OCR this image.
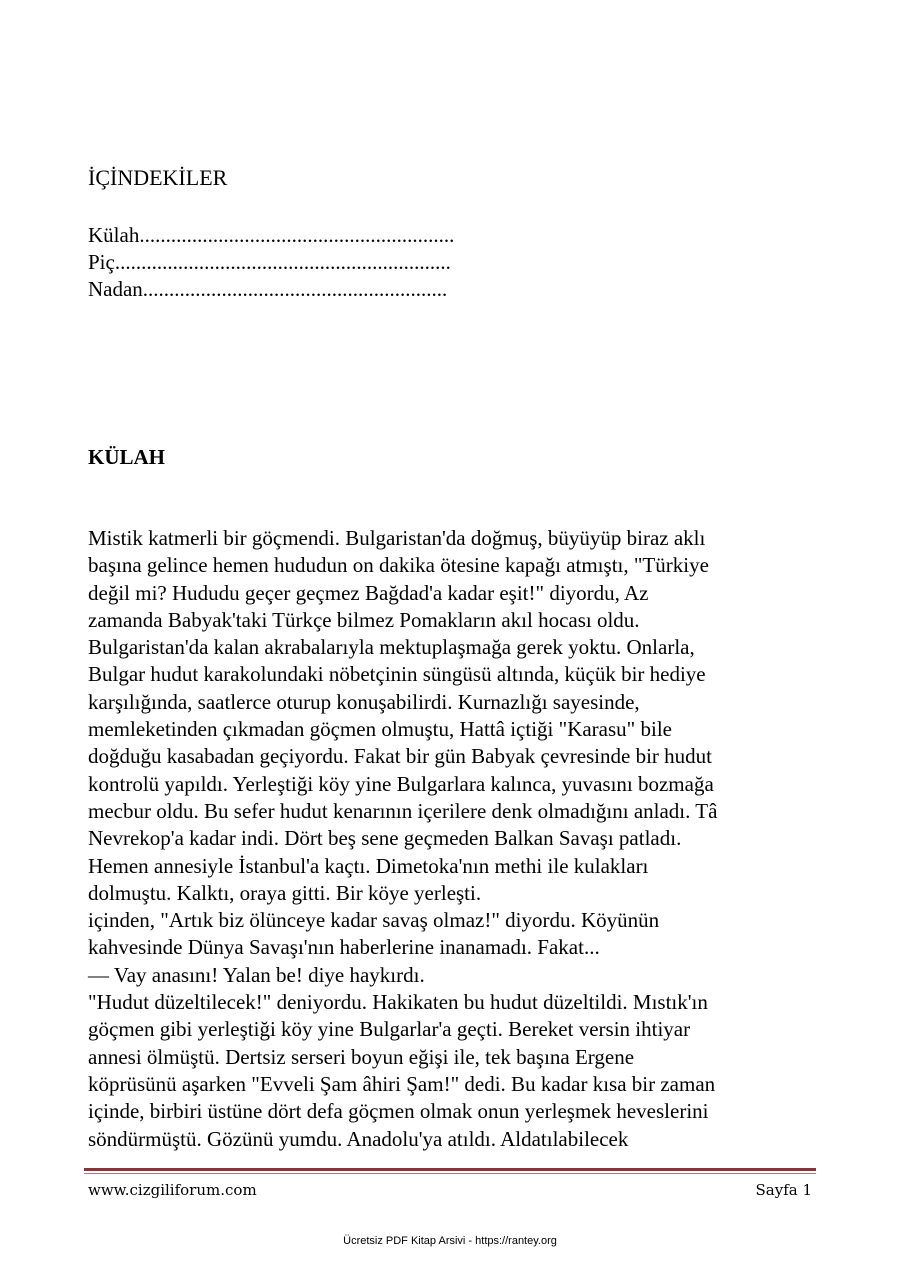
İÇİNDEKİLER
Külah............................................................
Piç................................................................
Nadan..........................................................
KÜLAH
Mistik katmerli bir göçmendi. Bulgaristan'da doğmuş, büyüyüp biraz aklı
başına gelince hemen hududun on dakika ötesine kapağı atmıştı, "Türkiye
değil mi? Hududu geçer geçmez Bağdad'a kadar eşit!" diyordu, Az
zamanda Babyak'taki Türkçe bilmez Pomakların akıl hocası oldu.
Bulgaristan'da kalan akrabalarıyla mektuplaşmağa gerek yoktu. Onlarla,
Bulgar hudut karakolundaki nöbetçinin süngüsü altında, küçük bir hediye
karşılığında, saatlerce oturup konuşabilirdi. Kurnazlığı sayesinde,
memleketinden çıkmadan göçmen olmuştu, Hattâ içtiği "Karasu" bile
doğduğu kasabadan geçiyordu. Fakat bir gün Babyak çevresinde bir hudut
kontrolü yapıldı. Yerleştiği köy yine Bulgarlara kalınca, yuvasını bozmağa
mecbur oldu. Bu sefer hudut kenarının içerilere denk olmadığını anladı. Tâ
Nevrekop'a kadar indi. Dört beş sene geçmeden Balkan Savaşı patladı.
Hemen annesiyle İstanbul'a kaçtı. Dimetoka'nın methi ile kulakları
dolmuştu. Kalktı, oraya gitti. Bir köye yerleşti.
içinden, "Artık biz ölünceye kadar savaş olmaz!" diyordu. Köyünün
kahvesinde Dünya Savaşı'nın haberlerine inanamadı. Fakat...
— Vay anasını! Yalan be! diye haykırdı.
"Hudut düzeltilecek!" deniyordu. Hakikaten bu hudut düzeltildi. Mıstık'ın
göçmen gibi yerleştiği köy yine Bulgarlar'a geçti. Bereket versin ihtiyar
annesi ölmüştü. Dertsiz serseri boyun eğişi ile, tek başına Ergene
köprüsünü aşarken "Evveli Şam âhiri Şam!" dedi. Bu kadar kısa bir zaman
içinde, birbiri üstüne dört defa göçmen olmak onun yerleşmek heveslerini
söndürmüştü. Gözünü yumdu. Anadolu'ya atıldı. Aldatılabilecek
www.cizgiliforum.com	Sayfa 1
Ücretsiz PDF Kitap Arsivi - https://rantey.org
